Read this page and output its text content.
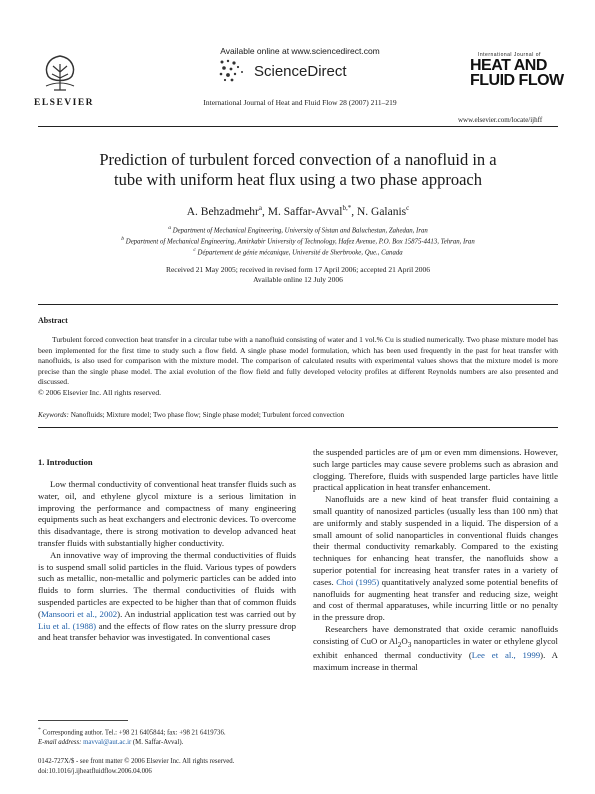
ELSEVIER
Available online at www.sciencedirect.com
ScienceDirect
International Journal of Heat and Fluid Flow 28 (2007) 211–219
International Journal of
HEAT AND
FLUID FLOW
www.elsevier.com/locate/ijhff
Prediction of turbulent forced convection of a nanofluid in a
tube with uniform heat flux using a two phase approach
A. Behzadmehr$^a$, M. Saffar-Avval$^{b,*}$, N. Galanis$^c$
$^a$ Department of Mechanical Engineering, University of Sistan and Baluchestan, Zahedan, Iran
$^b$ Department of Mechanical Engineering, Amirkabir University of Technology, Hafez Avenue, P.O. Box 15875-4413, Tehran, Iran
$^c$ Département de génie mécanique, Université de Sherbrooke, Que., Canada
Received 21 May 2005; received in revised form 17 April 2006; accepted 21 April 2006
Available online 12 July 2006
Abstract
Turbulent forced convection heat transfer in a circular tube with a nanofluid consisting of water and 1 vol.% Cu is studied numerically. Two phase mixture model has been implemented for the first time to study such a flow field. A single phase model formulation, which has been used frequently in the past for heat transfer with nanofluids, is also used for comparison with the mixture model. The comparison of calculated results with experimental values shows that the mixture model is more precise than the single phase model. The axial evolution of the flow field and fully developed velocity profiles at different Reynolds numbers are also presented and discussed.
© 2006 Elsevier Inc. All rights reserved.
Keywords: Nanofluids; Mixture model; Two phase flow; Single phase model; Turbulent forced convection
1. Introduction

Low thermal conductivity of conventional heat transfer fluids such as water, oil, and ethylene glycol mixture is a serious limitation in improving the performance and compactness of many engineering equipments such as heat exchangers and electronic devices. To overcome this disadvantage, there is strong motivation to develop advanced heat transfer fluids with substantially higher conductivity.

An innovative way of improving the thermal conductivities of fluids is to suspend small solid particles in the fluid. Various types of powders such as metallic, non-metallic and polymeric particles can be added into fluids to form slurries. The thermal conductivities of fluids with suspended particles are expected to be higher than that of common fluids (Mansoori et al., 2002). An industrial application test was carried out by Liu et al. (1988) and the effects of flow rates on the slurry pressure drop and heat transfer behavior was investigated. In conventional cases

the suspended particles are of μm or even mm dimensions. However, such large particles may cause severe problems such as abrasion and clogging. Therefore, fluids with suspended large particles have little practical application in heat transfer enhancement.

Nanofluids are a new kind of heat transfer fluid containing a small quantity of nanosized particles (usually less than 100 nm) that are uniformly and stably suspended in a liquid. The dispersion of a small amount of solid nanoparticles in conventional fluids changes their thermal conductivity remarkably. Compared to the existing techniques for enhancing heat transfer, the nanofluids show a superior potential for increasing heat transfer rates in a variety of cases. Choi (1995) quantitatively analyzed some potential benefits of nanofluids for augmenting heat transfer and reducing size, weight and cost of thermal apparatuses, while incurring little or no penalty in the pressure drop.

Researchers have demonstrated that oxide ceramic nanofluids consisting of CuO or $Al_2O_3$ nanoparticles in water or ethylene glycol exhibit enhanced thermal conductivity (Lee et al., 1999). A maximum increase in thermal

* Corresponding author. Tel.: +98 21 6405844; fax: +98 21 6419736.
E-mail address: mavval@aut.ac.ir (M. Saffar-Avval).
0142-727X/$ - see front matter © 2006 Elsevier Inc. All rights reserved.
doi:10.1016/j.ijheatfluidflow.2006.04.006
